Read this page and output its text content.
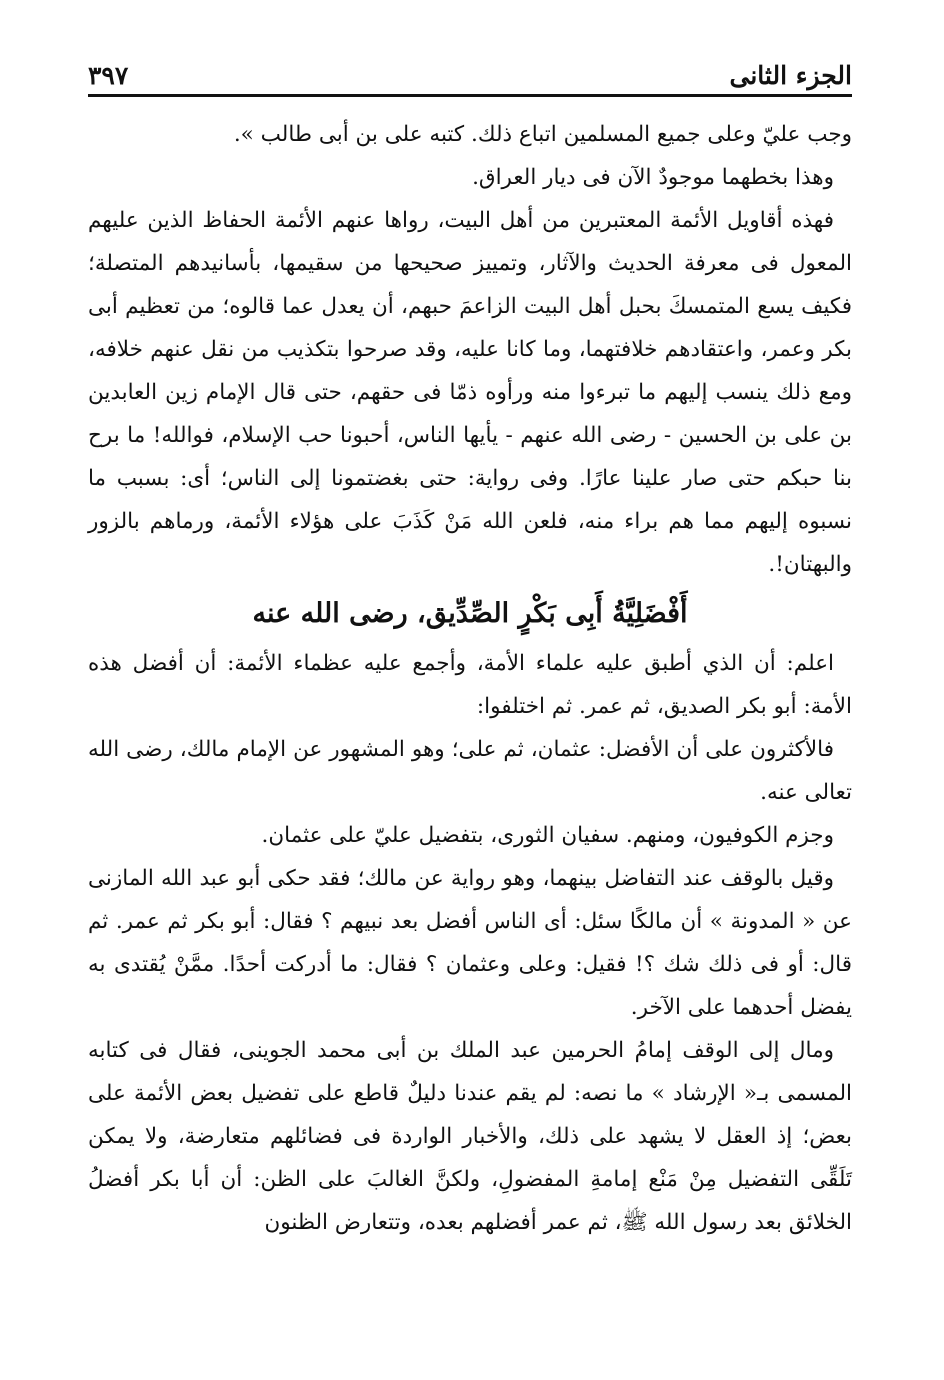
الجزء الثانى
٣٩٧

وجب عليّ وعلى جميع المسلمين اتباع ذلك. كتبه على بن أبى طالب ».

وهذا بخطهما موجودٌ الآن فى ديار العراق.

فهذه أقاويل الأئمة المعتبرين من أهل البيت، رواها عنهم الأئمة الحفاظ الذين عليهم المعول فى معرفة الحديث والآثار، وتمييز صحيحها من سقيمها، بأسانيدهم المتصلة؛ فكيف يسع المتمسكَ بحبل أهل البيت الزاعمَ حبهم، أن يعدل عما قالوه؛ من تعظيم أبى بكر وعمر، واعتقادهم خلافتهما، وما كانا عليه، وقد صرحوا بتكذيب من نقل عنهم خلافه، ومع ذلك ينسب إليهم ما تبرءوا منه ورأوه ذمّا فى حقهم، حتى قال الإمام زين العابدين بن على بن الحسين - رضى الله عنهم - يأيها الناس، أحبونا حب الإسلام، فوالله! ما برح بنا حبكم حتى صار علينا عارًا. وفى رواية: حتى بغضتمونا إلى الناس؛ أى: بسبب ما نسبوه إليهم مما هم براء منه، فلعن الله مَنْ كَذَبَ على هؤلاء الأئمة، ورماهم بالزور والبهتان!.

أَفْضَلِيَّةُ أَبِى بَكْرٍ الصِّدِّيق، رضى الله عنه

اعلم: أن الذي أطبق عليه علماء الأمة، وأجمع عليه عظماء الأئمة: أن أفضل هذه الأمة: أبو بكر الصديق، ثم عمر. ثم اختلفوا:

فالأكثرون على أن الأفضل: عثمان، ثم على؛ وهو المشهور عن الإمام مالك، رضى الله تعالى عنه.

وجزم الكوفيون، ومنهم. سفيان الثورى، بتفضيل عليّ على عثمان.

وقيل بالوقف عند التفاضل بينهما، وهو رواية عن مالك؛ فقد حكى أبو عبد الله المازنى عن « المدونة » أن مالكًا سئل: أى الناس أفضل بعد نبيهم ؟ فقال: أبو بكر ثم عمر. ثم قال: أو فى ذلك شك ؟! فقيل: وعلى وعثمان ؟ فقال: ما أدركت أحدًا. ممَّنْ يُقتدى به يفضل أحدهما على الآخر.

ومال إلى الوقف إمامُ الحرمين عبد الملك بن أبى محمد الجوينى، فقال فى كتابه المسمى بـ« الإرشاد » ما نصه: لم يقم عندنا دليلٌ قاطع على تفضيل بعض الأئمة على بعض؛ إذ العقل لا يشهد على ذلك، والأخبار الواردة فى فضائلهم متعارضة، ولا يمكن تَلَقِّى التفضيل مِنْ مَنْع إمامةِ المفضولِ، ولكنَّ الغالبَ على الظن: أن أبا بكر أفضلُ الخلائق بعد رسول الله ﷺ، ثم عمر أفضلهم بعده، وتتعارض الظنون
